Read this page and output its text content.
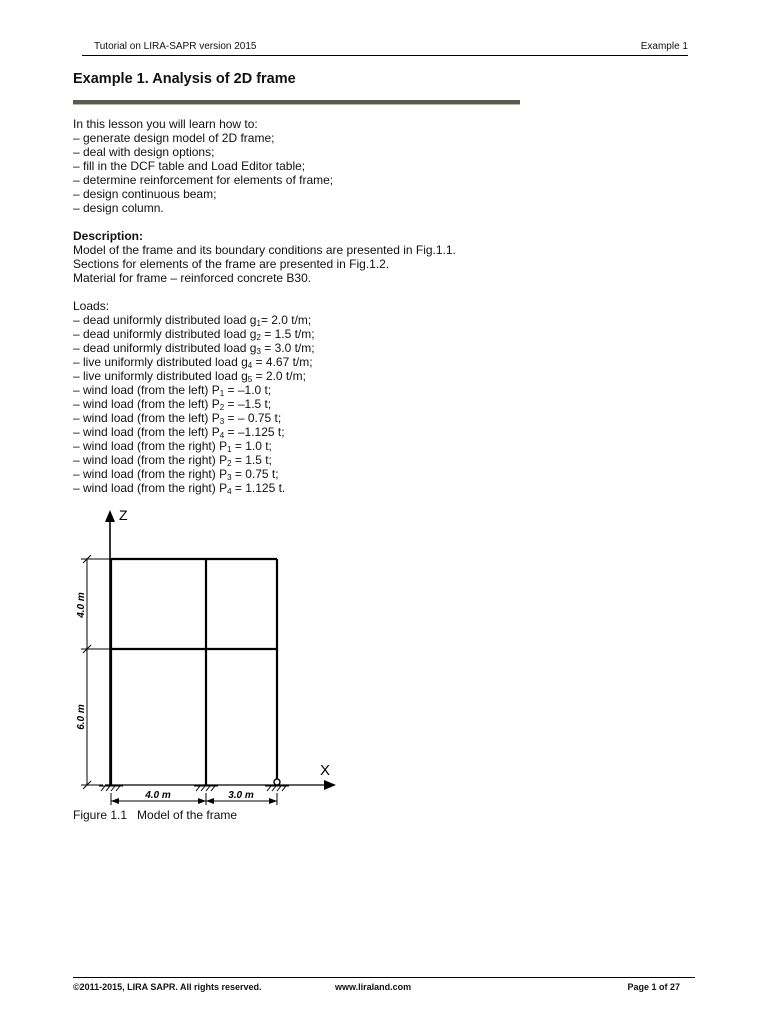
Tutorial on LIRA-SAPR version 2015	Example 1
Example 1. Analysis of 2D frame
In this lesson you will learn how to:
– generate design model of 2D frame;
– deal with design options;
– fill in the DCF table and Load Editor table;
– determine reinforcement for elements of frame;
– design continuous beam;
– design column.
Description:
Model of the frame and its boundary conditions are presented in Fig.1.1.
Sections for elements of the frame are presented in Fig.1.2.
Material for frame – reinforced concrete B30.
Loads:
– dead uniformly distributed load $g_1= 2.0$ t/m;
– dead uniformly distributed load $g_2 = 1.5$ t/m;
– dead uniformly distributed load $g_3 = 3.0$ t/m;
– live uniformly distributed load $g_4 = 4.67$ t/m;
– live uniformly distributed load $g_5 = 2.0$ t/m;
– wind load (from the left) $P_1 = -1.0$ t;
– wind load (from the left) $P_2 = -1.5$ t;
– wind load (from the left) $P_3$ = – 0.75 t;
– wind load (from the left) $P_4 = -1.125$ t;
– wind load (from the right) $P_1 = 1.0$ t;
– wind load (from the right) $P_2 = 1.5$ t;
– wind load (from the right) $P_3 = 0.75$ t;
– wind load (from the right) $P_4 = 1.125$ t.
Z
X
4.0 m
6.0 m
4.0 m	3.0 m
Figure 1.1 Model of the frame
©2011-2015, LIRA SAPR. All rights reserved.	www.liraland.com	Page 1 of 27
